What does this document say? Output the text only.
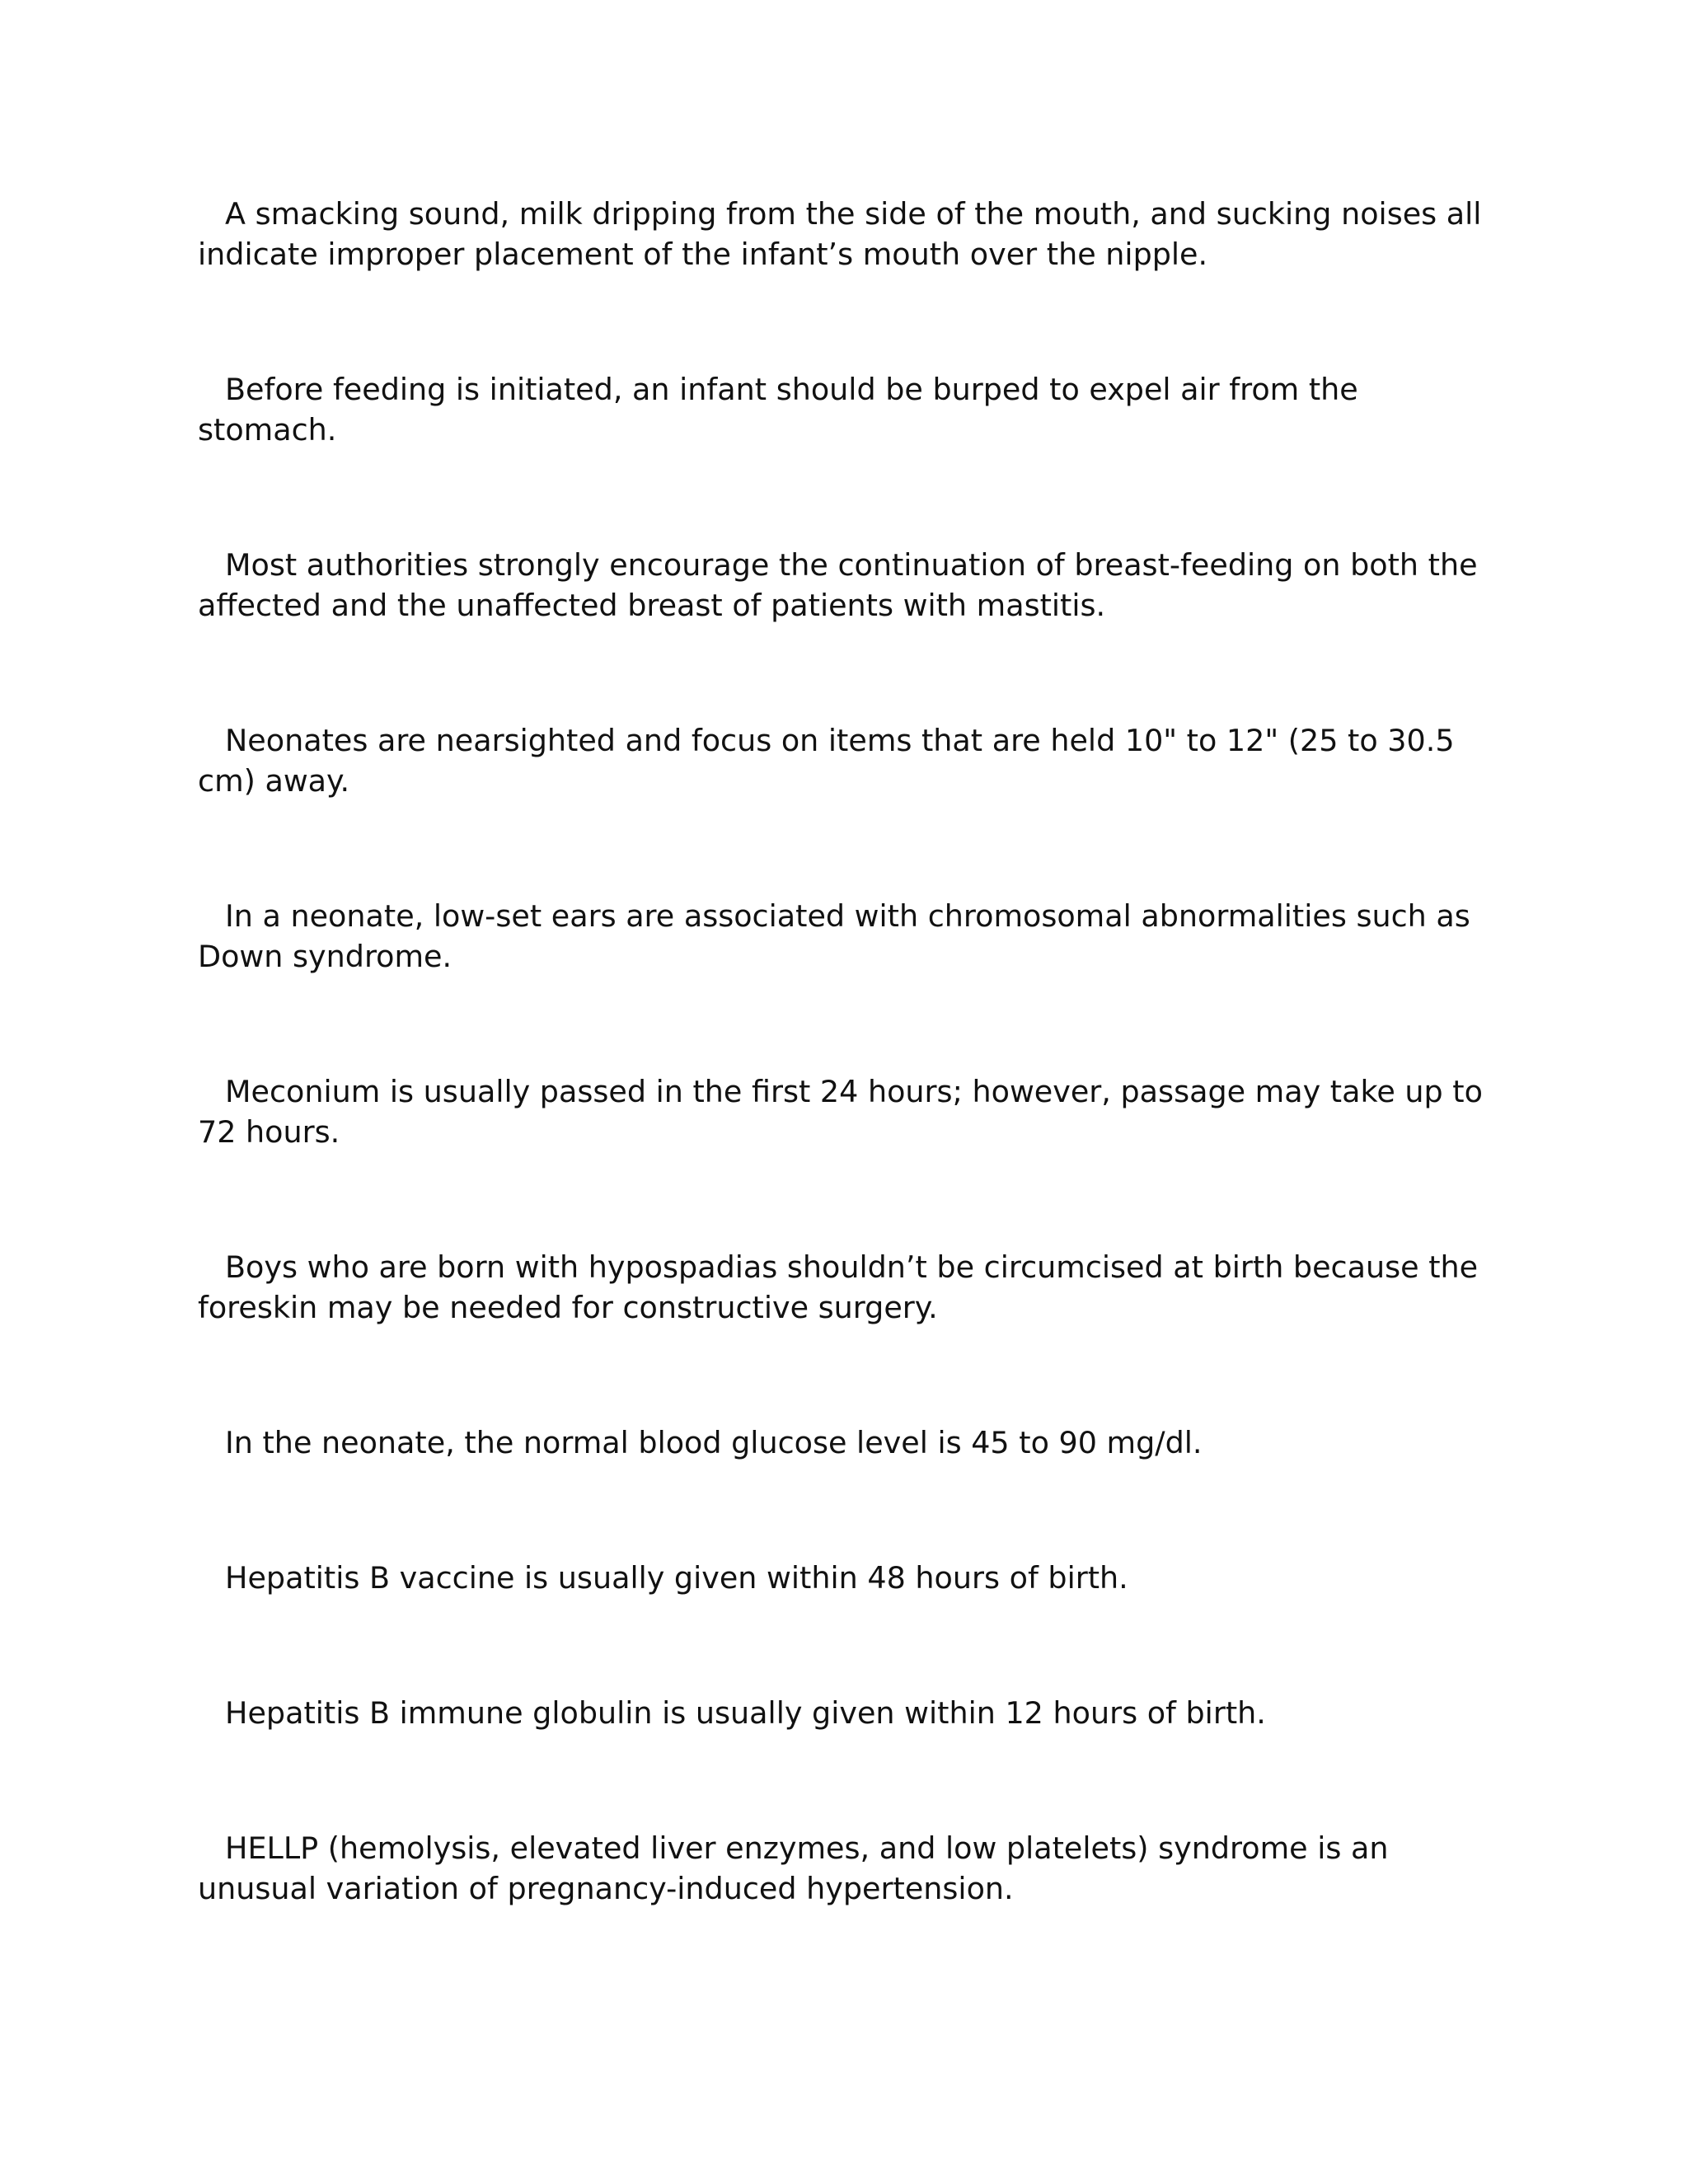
A smacking sound, milk dripping from the side of the mouth, and sucking noises all indicate improper placement of the infant’s mouth over the nipple.

Before feeding is initiated, an infant should be burped to expel air from the stomach.

Most authorities strongly encourage the continuation of breast-feeding on both the affected and the unaffected breast of patients with mastitis.

Neonates are nearsighted and focus on items that are held 10" to 12" (25 to 30.5 cm) away.

In a neonate, low-set ears are associated with chromosomal abnormalities such as Down syndrome.

Meconium is usually passed in the first 24 hours; however, passage may take up to 72 hours.

Boys who are born with hypospadias shouldn’t be circumcised at birth because the foreskin may be needed for constructive surgery.

In the neonate, the normal blood glucose level is 45 to 90 mg/dl.

Hepatitis B vaccine is usually given within 48 hours of birth.

Hepatitis B immune globulin is usually given within 12 hours of birth.

HELLP (hemolysis, elevated liver enzymes, and low platelets) syndrome is an unusual variation of pregnancy-induced hypertension.
